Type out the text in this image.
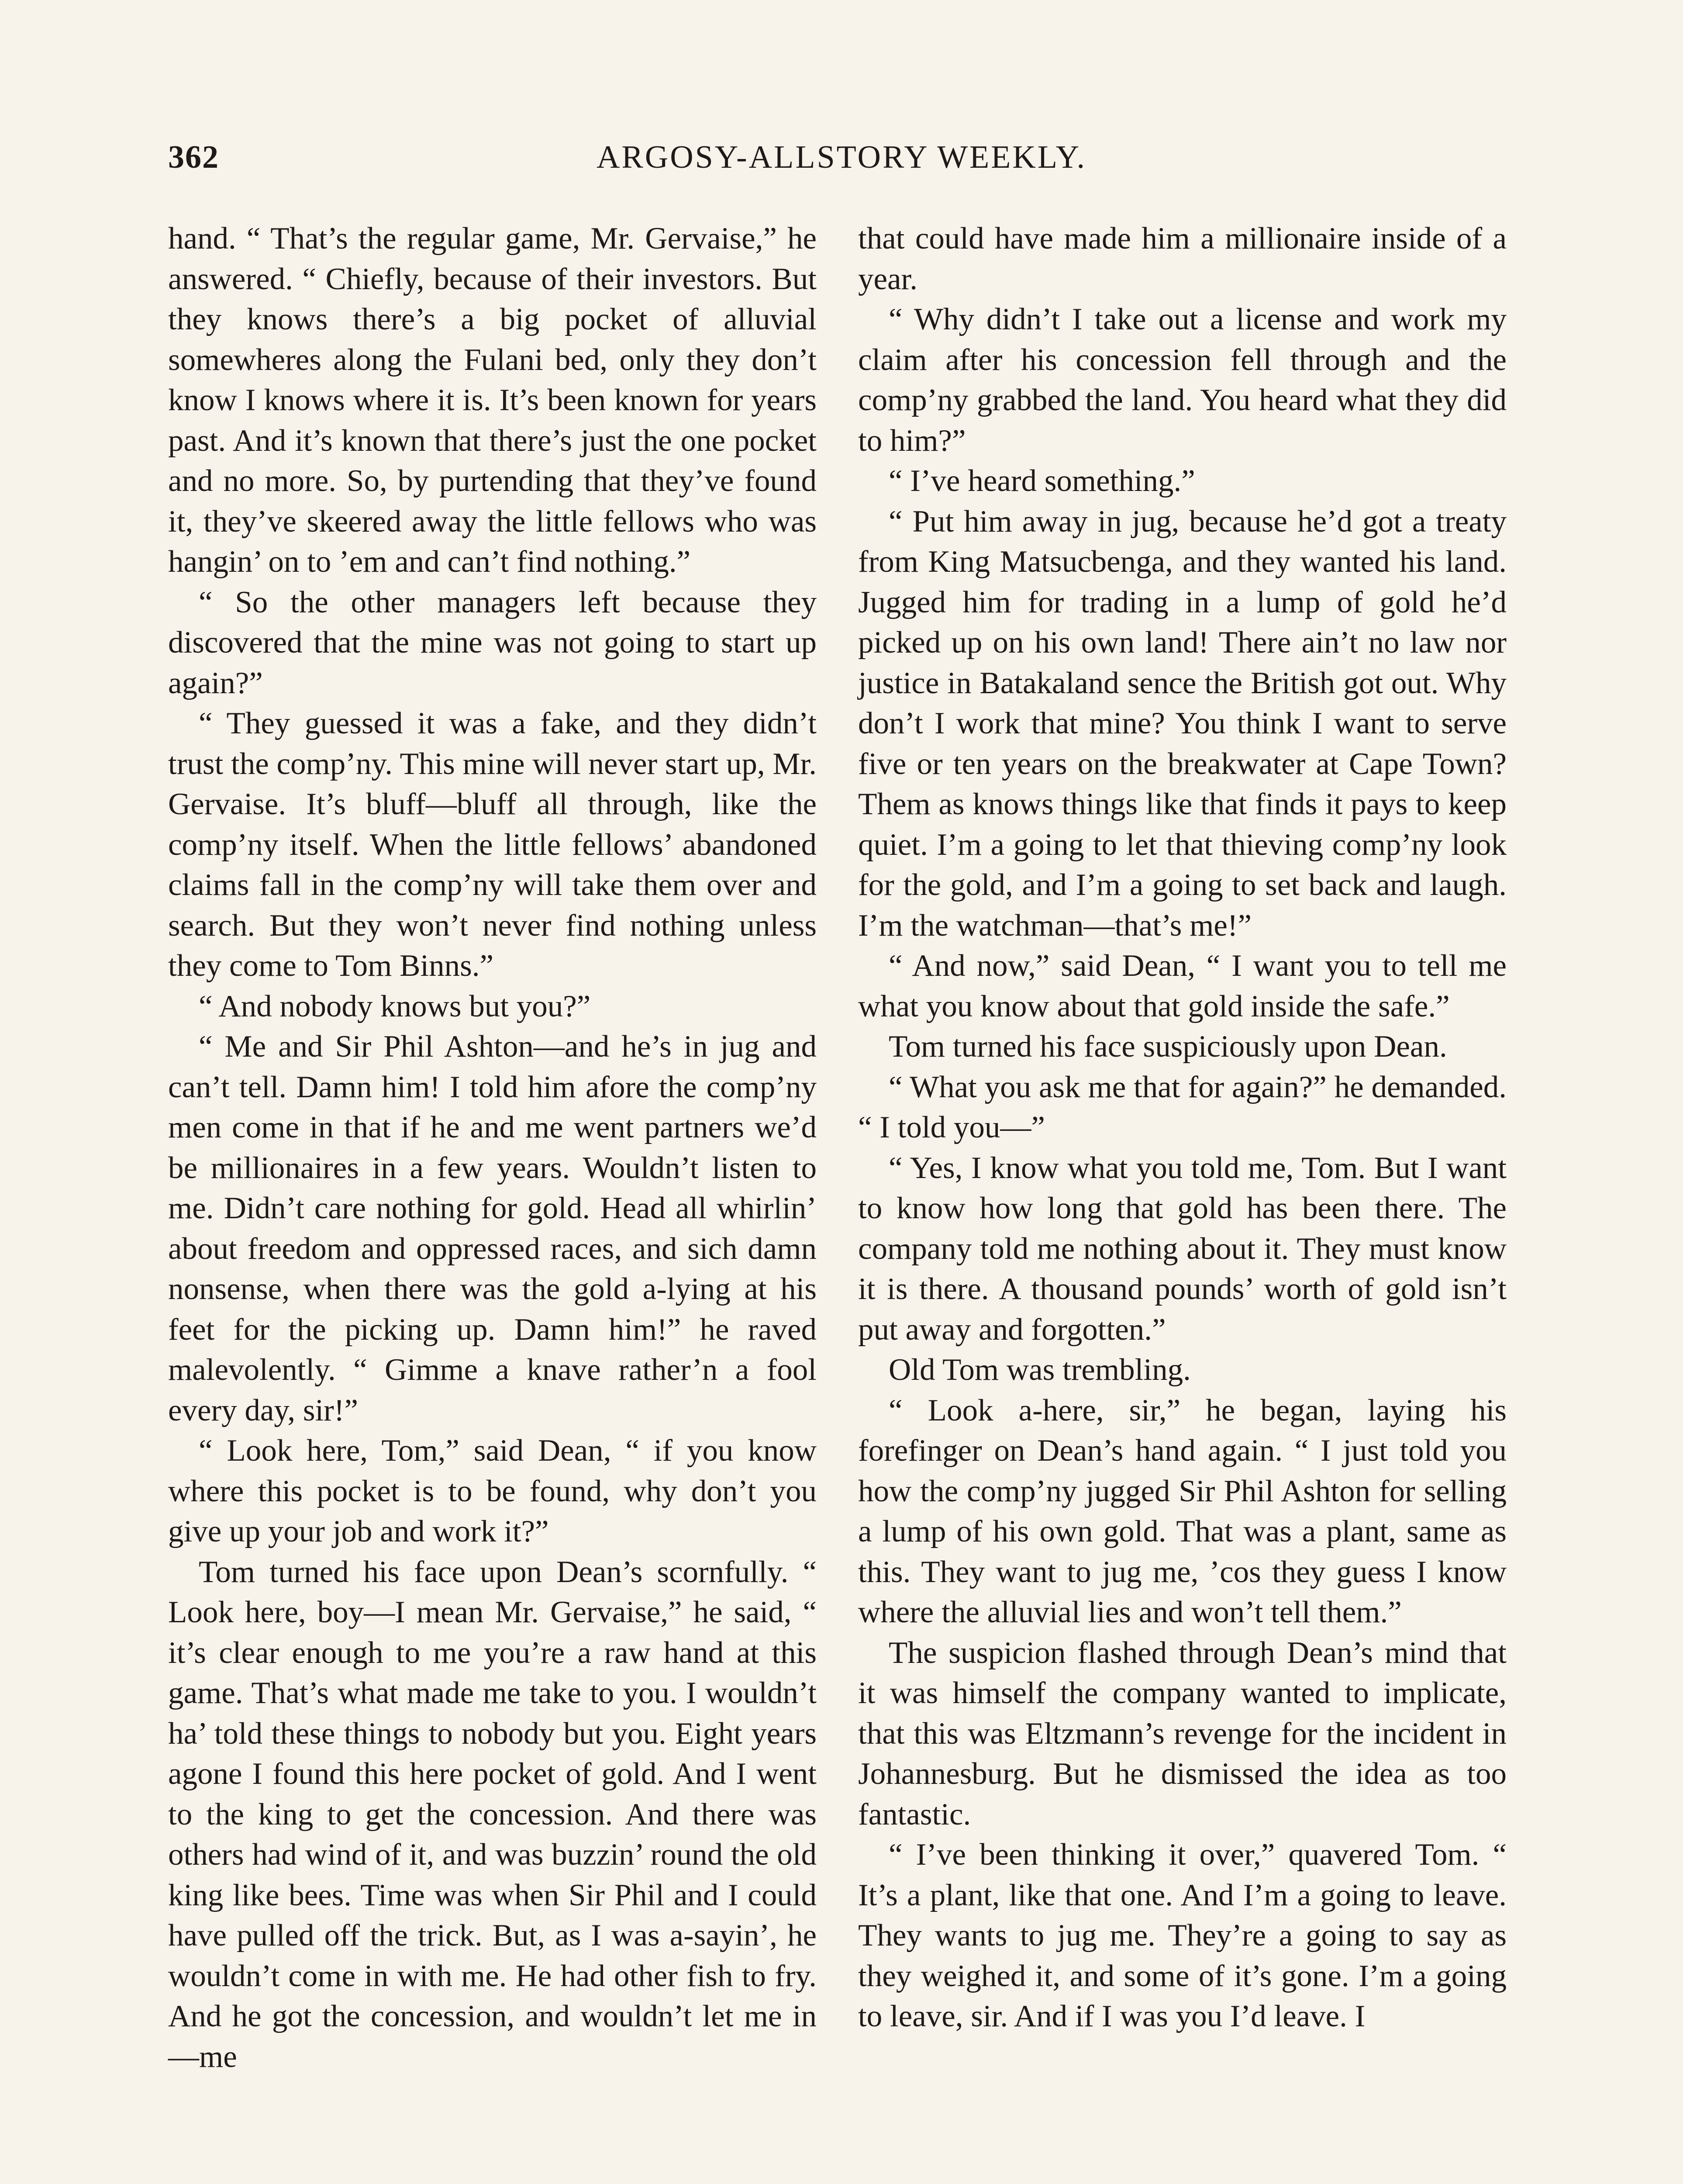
362	ARGOSY-ALLSTORY WEEKLY.

hand. “ That’s the regular game, Mr. Gervaise,” he answered. “ Chiefly, because of their investors. But they knows there’s a big pocket of alluvial somewheres along the Fulani bed, only they don’t know I knows where it is. It’s been known for years past. And it’s known that there’s just the one pocket and no more. So, by purtending that they’ve found it, they’ve skeered away the little fellows who was hangin’ on to ’em and can’t find nothing.”

“ So the other managers left because they discovered that the mine was not going to start up again?”

“ They guessed it was a fake, and they didn’t trust the comp’ny. This mine will never start up, Mr. Gervaise. It’s bluff—bluff all through, like the comp’ny itself. When the little fellows’ abandoned claims fall in the comp’ny will take them over and search. But they won’t never find nothing unless they come to Tom Binns.”

“ And nobody knows but you?”

“ Me and Sir Phil Ashton—and he’s in jug and can’t tell. Damn him! I told him afore the comp’ny men come in that if he and me went partners we’d be millionaires in a few years. Wouldn’t listen to me. Didn’t care nothing for gold. Head all whirlin’ about freedom and oppressed races, and sich damn nonsense, when there was the gold a-lying at his feet for the picking up. Damn him!” he raved malevolently. “ Gimme a knave rather’n a fool every day, sir!”

“ Look here, Tom,” said Dean, “ if you know where this pocket is to be found, why don’t you give up your job and work it?”

Tom turned his face upon Dean’s scornfully. “ Look here, boy—I mean Mr. Gervaise,” he said, “ it’s clear enough to me you’re a raw hand at this game. That’s what made me take to you. I wouldn’t ha’ told these things to nobody but you. Eight years agone I found this here pocket of gold. And I went to the king to get the concession. And there was others had wind of it, and was buzzin’ round the old king like bees. Time was when Sir Phil and I could have pulled off the trick. But, as I was a-sayin’, he wouldn’t come in with me. He had other fish to fry. And he got the concession, and wouldn’t let me in—me

that could have made him a millionaire inside of a year.

“ Why didn’t I take out a license and work my claim after his concession fell through and the comp’ny grabbed the land. You heard what they did to him?”

“ I’ve heard something.”

“ Put him away in jug, because he’d got a treaty from King Matsucbenga, and they wanted his land. Jugged him for trading in a lump of gold he’d picked up on his own land! There ain’t no law nor justice in Batakaland sence the British got out. Why don’t I work that mine? You think I want to serve five or ten years on the breakwater at Cape Town? Them as knows things like that finds it pays to keep quiet. I’m a going to let that thieving comp’ny look for the gold, and I’m a going to set back and laugh. I’m the watchman—that’s me!”

“ And now,” said Dean, “ I want you to tell me what you know about that gold inside the safe.”

Tom turned his face suspiciously upon Dean.

“ What you ask me that for again?” he demanded. “ I told you—”

“ Yes, I know what you told me, Tom. But I want to know how long that gold has been there. The company told me nothing about it. They must know it is there. A thousand pounds’ worth of gold isn’t put away and forgotten.”

Old Tom was trembling.

“ Look a-here, sir,” he began, laying his forefinger on Dean’s hand again. “ I just told you how the comp’ny jugged Sir Phil Ashton for selling a lump of his own gold. That was a plant, same as this. They want to jug me, ’cos they guess I know where the alluvial lies and won’t tell them.”

The suspicion flashed through Dean’s mind that it was himself the company wanted to implicate, that this was Eltzmann’s revenge for the incident in Johannesburg. But he dismissed the idea as too fantastic.

“ I’ve been thinking it over,” quavered Tom. “ It’s a plant, like that one. And I’m a going to leave. They wants to jug me. They’re a going to say as they weighed it, and some of it’s gone. I’m a going to leave, sir. And if I was you I’d leave. I
